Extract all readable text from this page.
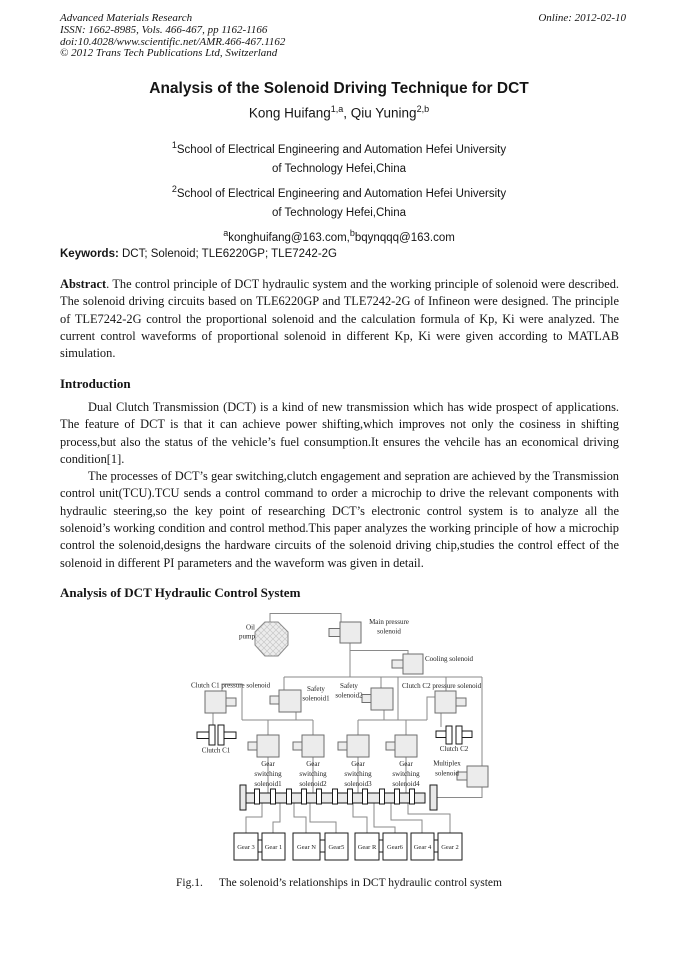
Advanced Materials Research
ISSN: 1662-8985, Vols. 466-467, pp 1162-1166
doi:10.4028/www.scientific.net/AMR.466-467.1162
© 2012 Trans Tech Publications Ltd, Switzerland
Online: 2012-02-10
Analysis of the Solenoid Driving Technique for DCT
Kong Huifang$^{1,a}$, Qiu Yuning$^{2,b}$
$^1$School of Electrical Engineering and Automation Hefei University
of Technology Hefei,China
$^2$School of Electrical Engineering and Automation Hefei University
of Technology Hefei,China
$^a$konghuifang@163.com,$^b$bqynqqq@163.com
Keywords: DCT; Solenoid; TLE6220GP; TLE7242-2G
Abstract. The control principle of DCT hydraulic system and the working principle of solenoid were described. The solenoid driving circuits based on TLE6220GP and TLE7242-2G of Infineon were designed. The principle of TLE7242-2G control the proportional solenoid and the calculation formula of Kp, Ki were analyzed. The current control waveforms of proportional solenoid in different Kp, Ki were given according to MATLAB simulation.
Introduction

Dual Clutch Transmission (DCT) is a kind of new transmission which has wide prospect of applications. The feature of DCT is that it can achieve power shifting,which improves not only the cosiness in shifting process,but also the status of the vehicle’s fuel consumption.It ensures the vehcile has an economical driving condition[1].

The processes of DCT’s gear switching,clutch engagement and sepration are achieved by the Transmission control unit(TCU).TCU sends a control command to order a microchip to drive the relevant components with hydraulic steering,so the key point of researching DCT’s electronic control system is to analyze all the solenoid’s working condition and control method.This paper analyzes the working principle of how a microchip control the solenoid,designs the hardware circuits of the solenoid driving chip,studies the control effect of the solenoid in different PI parameters and the waveform was given in detail.

Analysis of DCT Hydraulic Control System
Gear 3 Gear 1 Gear N Gear5 Gear R Gear6 Gear 4 Gear 2
Oil
pump
Main pressure
solenoid
Cooling solenoid
Clutch C1 pressure solenoid	Safety
solenoid1
Safety
solenoid2
Clutch C2 pressure solenoid
Clutch C1	Clutch C2
Gear
switching
solenoid1
Gear
switching
solenoid2
Gear
switching
solenoid3
Gear
switching
solenoid4
Multiplex
solenoid
Fig.1. The solenoid’s relationships in DCT hydraulic control system
